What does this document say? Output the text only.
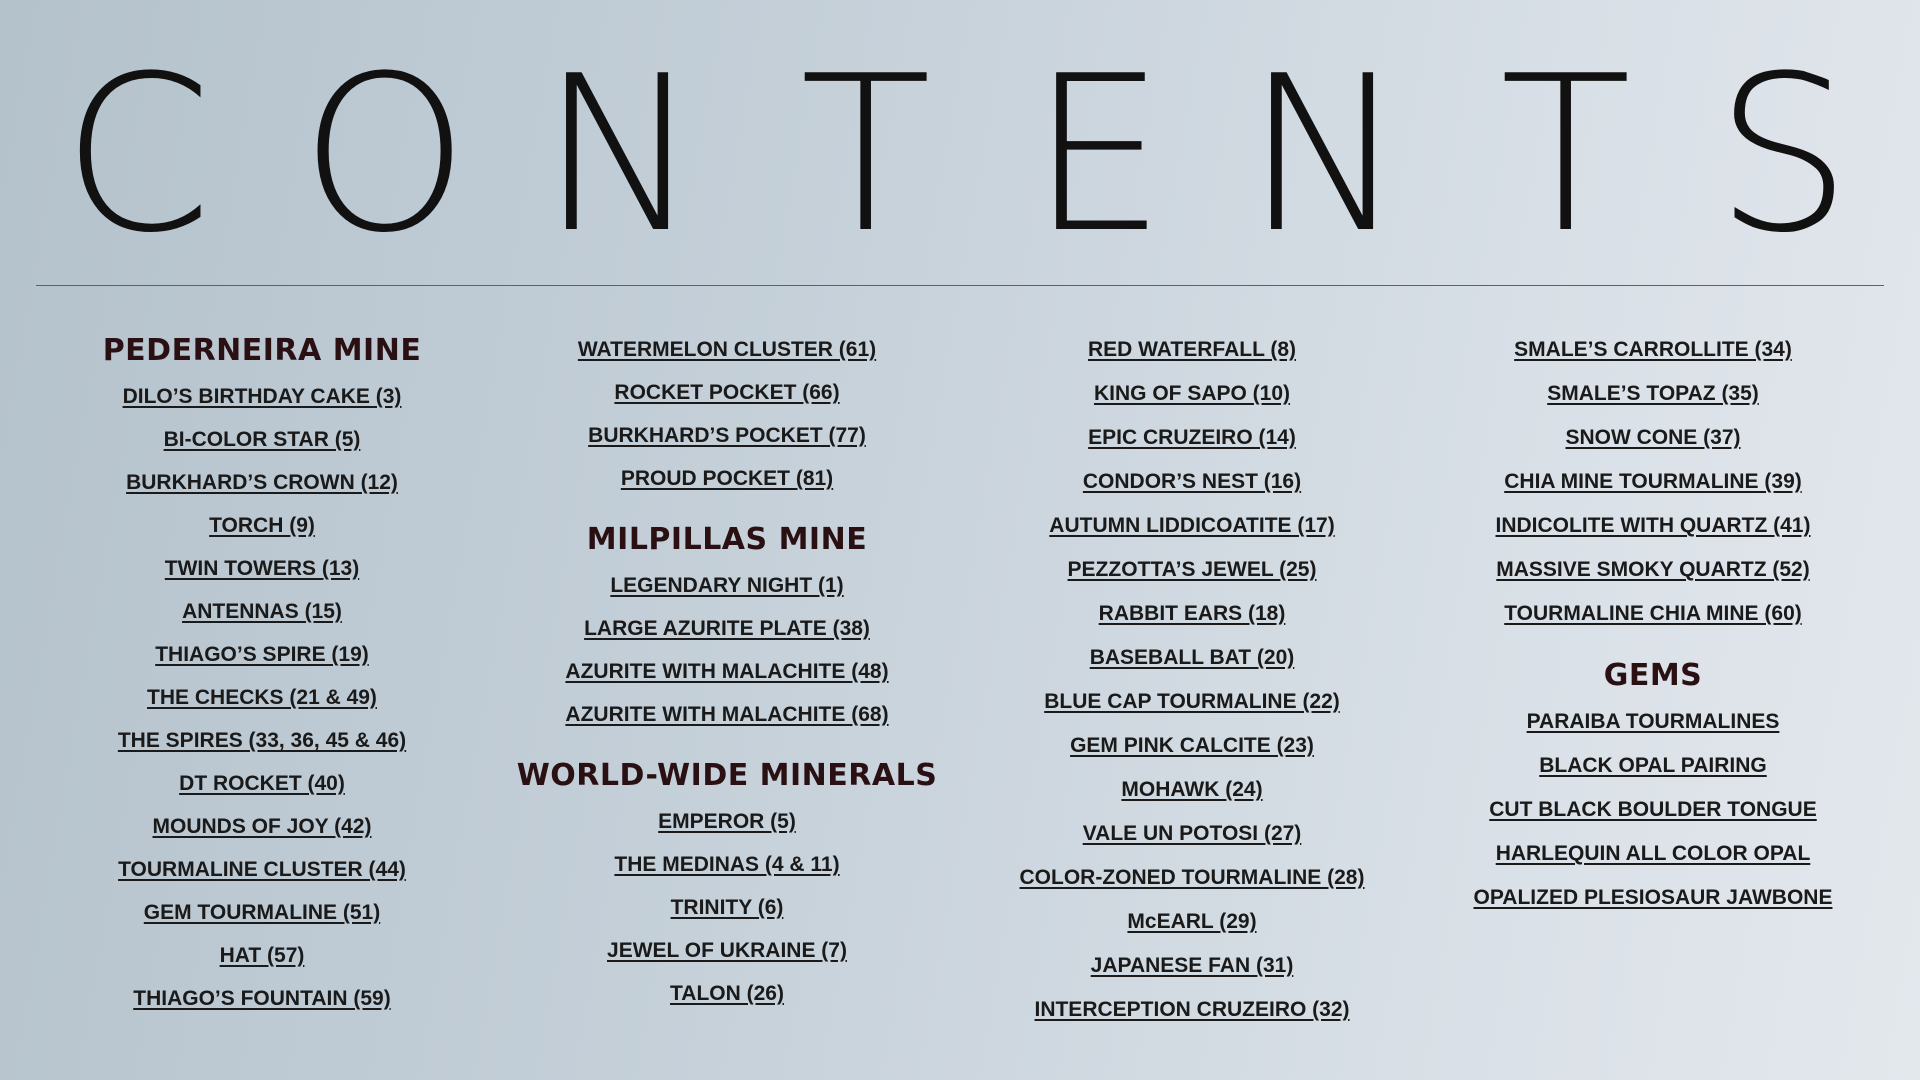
C O N T E N T S
PEDERNEIRA MINE
DILO’S BIRTHDAY CAKE (3)
BI-COLOR STAR (5)
BURKHARD’S CROWN (12)
TORCH (9)
TWIN TOWERS (13)
ANTENNAS (15)
THIAGO’S SPIRE (19)
THE CHECKS (21 & 49)
THE SPIRES (33, 36, 45 & 46)
DT ROCKET (40)
MOUNDS OF JOY (42)
TOURMALINE CLUSTER (44)
GEM TOURMALINE (51)
HAT (57)
THIAGO’S FOUNTAIN (59)
WATERMELON CLUSTER (61)
ROCKET POCKET (66)
BURKHARD’S POCKET (77)
PROUD POCKET (81)
MILPILLAS MINE
LEGENDARY NIGHT (1)
LARGE AZURITE PLATE (38)
AZURITE WITH MALACHITE (48)
AZURITE WITH MALACHITE (68)
WORLD-WIDE MINERALS
EMPEROR (5)
THE MEDINAS (4 & 11)
TRINITY (6)
JEWEL OF UKRAINE (7)
TALON (26)
RED WATERFALL (8)
KING OF SAPO (10)
EPIC CRUZEIRO (14)
CONDOR’S NEST (16)
AUTUMN LIDDICOATITE (17)
PEZZOTTA’S JEWEL (25)
RABBIT EARS (18)
BASEBALL BAT (20)
BLUE CAP TOURMALINE (22)
GEM PINK CALCITE (23)
MOHAWK (24)
VALE UN POTOSI (27)
COLOR-ZONED TOURMALINE (28)
McEARL (29)
JAPANESE FAN (31)
INTERCEPTION CRUZEIRO (32)
SMALE’S CARROLLITE (34)
SMALE’S TOPAZ (35)
SNOW CONE (37)
CHIA MINE TOURMALINE (39)
INDICOLITE WITH QUARTZ (41)
MASSIVE SMOKY QUARTZ (52)
TOURMALINE CHIA MINE (60)
GEMS
PARAIBA TOURMALINES
BLACK OPAL PAIRING
CUT BLACK BOULDER TONGUE
HARLEQUIN ALL COLOR OPAL
OPALIZED PLESIOSAUR JAWBONE
